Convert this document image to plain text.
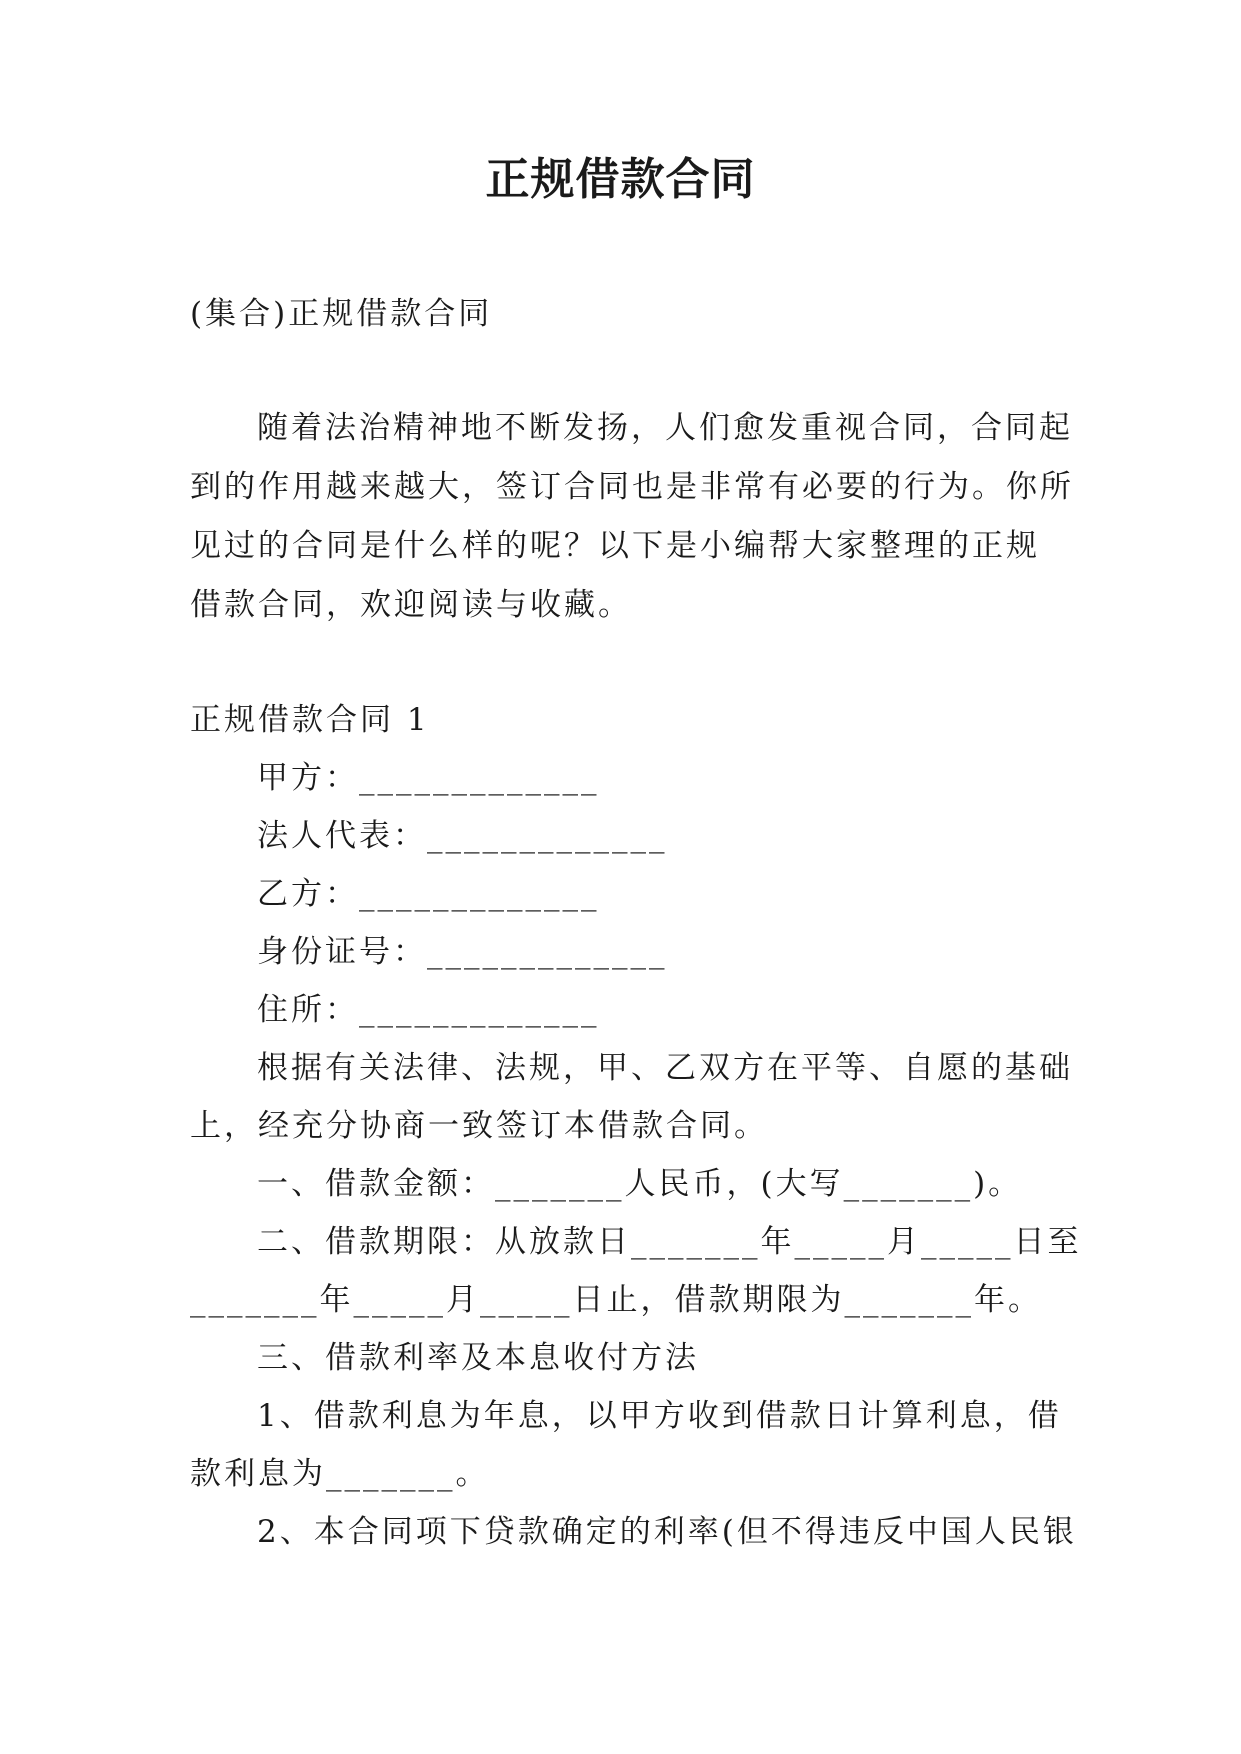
正规借款合同
(集合)正规借款合同
随着法治精神地不断发扬，人们愈发重视合同，合同起
到的作用越来越大，签订合同也是非常有必要的行为。你所
见过的合同是什么样的呢？以下是小编帮大家整理的正规
借款合同，欢迎阅读与收藏。
正规借款合同 1
甲方：_____________
法人代表：_____________
乙方：_____________
身份证号：_____________
住所：_____________
根据有关法律、法规，甲、乙双方在平等、自愿的基础
上，经充分协商一致签订本借款合同。
一、借款金额：_______人民币，(大写_______)。
二、借款期限：从放款日_______年_____月_____日至
_______年_____月_____日止，借款期限为_______年。
三、借款利率及本息收付方法
1、借款利息为年息，以甲方收到借款日计算利息，借
款利息为_______。
2、本合同项下贷款确定的利率(但不得违反中国人民银
